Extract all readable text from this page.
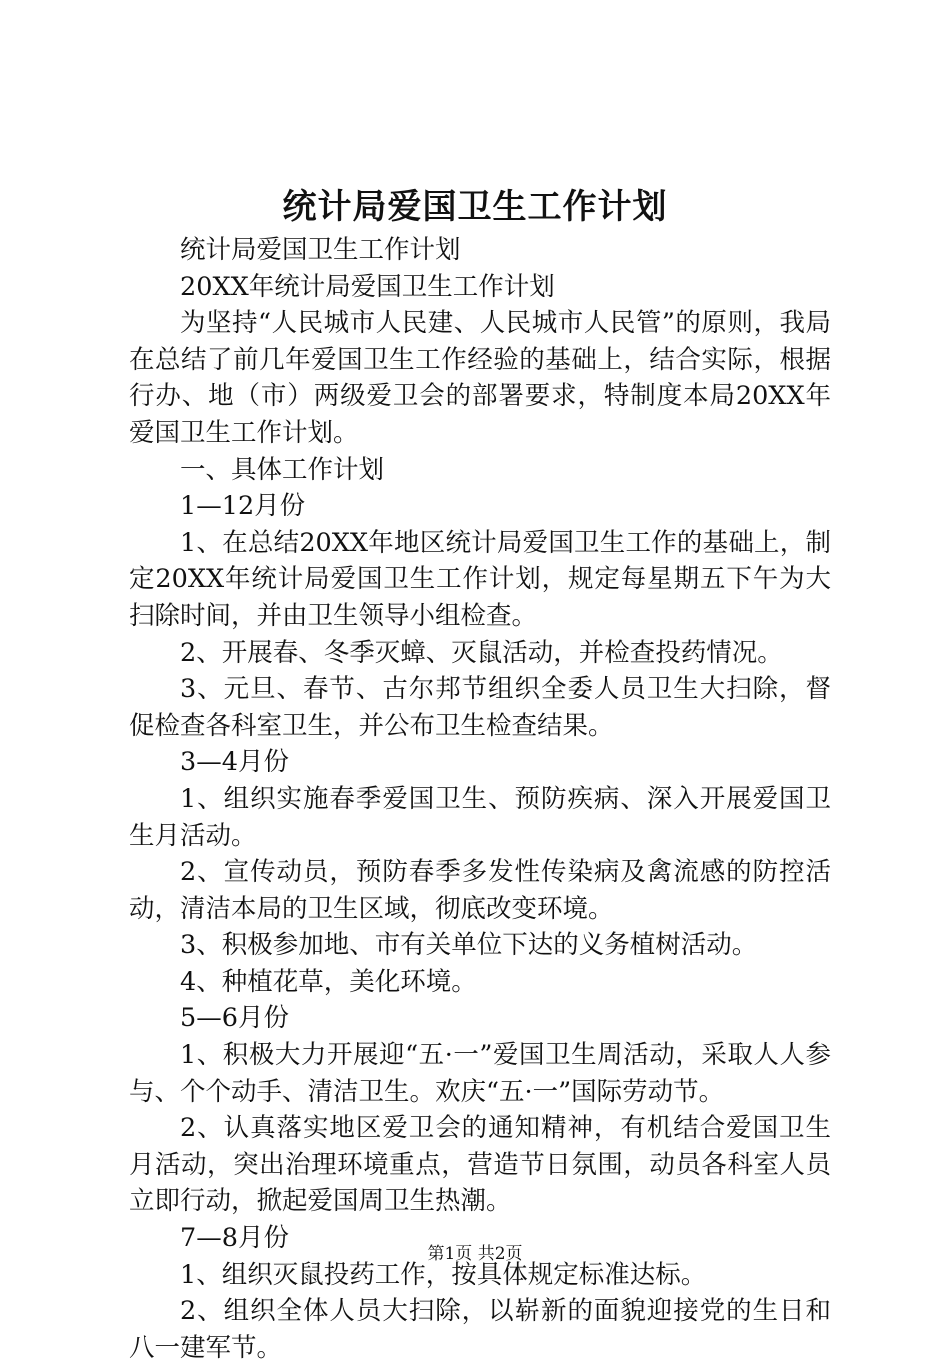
统计局爱国卫生工作计划

统计局爱国卫生工作计划

20XX年统计局爱国卫生工作计划

为坚持“人民城市人民建、人民城市人民管”的原则，我局在总结了前几年爱国卫生工作经验的基础上，结合实际，根据行办、地（市）两级爱卫会的部署要求，特制度本局20XX年爱国卫生工作计划。

一、具体工作计划

1—12月份

1、在总结20XX年地区统计局爱国卫生工作的基础上，制定20XX年统计局爱国卫生工作计划，规定每星期五下午为大扫除时间，并由卫生领导小组检查。

2、开展春、冬季灭蟑、灭鼠活动，并检查投药情况。

3、元旦、春节、古尔邦节组织全委人员卫生大扫除，督促检查各科室卫生，并公布卫生检查结果。

3—4月份

1、组织实施春季爱国卫生、预防疾病、深入开展爱国卫生月活动。

2、宣传动员，预防春季多发性传染病及禽流感的防控活动，清洁本局的卫生区域，彻底改变环境。

3、积极参加地、市有关单位下达的义务植树活动。

4、种植花草，美化环境。

5—6月份

1、积极大力开展迎“五·一”爱国卫生周活动，采取人人参与、个个动手、清洁卫生。欢庆“五·一”国际劳动节。

2、认真落实地区爱卫会的通知精神，有机结合爱国卫生月活动，突出治理环境重点，营造节日氛围，动员各科室人员立即行动，掀起爱国周卫生热潮。

7—8月份

1、组织灭鼠投药工作，按具体规定标准达标。

2、组织全体人员大扫除，以崭新的面貌迎接党的生日和八一建军节。

第1页 共2页
